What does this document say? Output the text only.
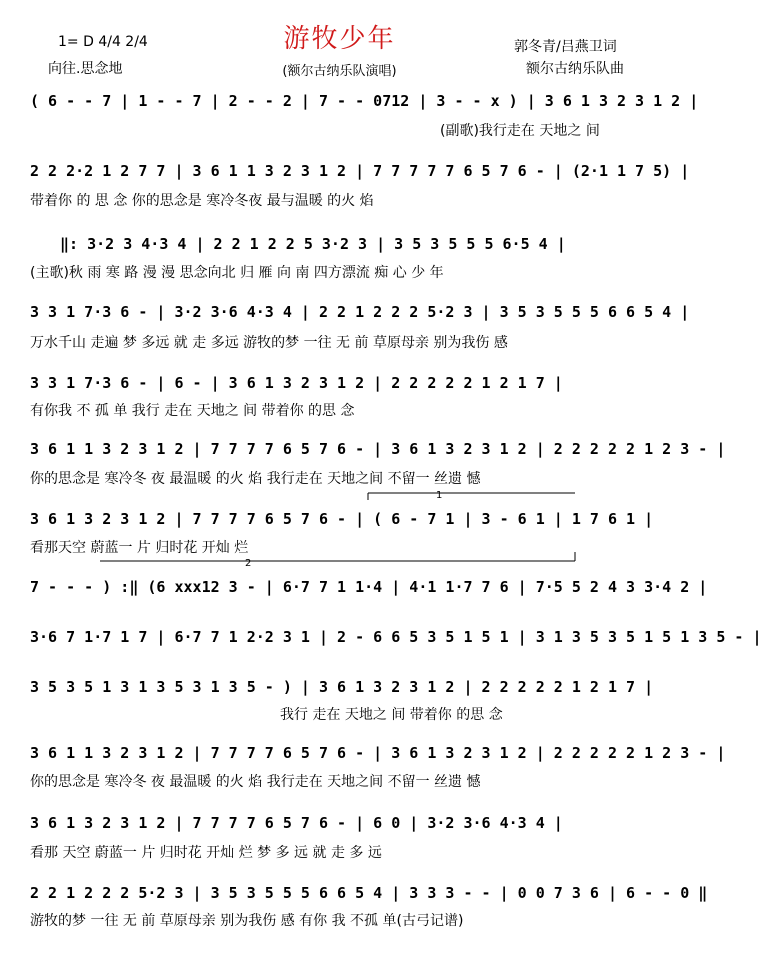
游牧少年
1= D 4/4 2/4
向往.思念地	(额尔古纳乐队演唱)
郭冬青/吕燕卫词
额尔古纳乐队曲
1
2
( 6 - - 7 | 1 - - 7 | 2 - - 2 | 7 - - 0712 | 3 - - x ) | 3 6 1 3 2 3 1 2 |
(副歌)我行走在 天地之 间
2 2 2·2 1 2 7 7 | 3 6 1 1 3 2 3 1 2 | 7 7 7 7 7 6 5 7 6 - | (2·1 1 7 5) |
带着你 的 思 念 你的思念是 寒冷冬夜 最与温暖 的火 焰
‖: 3·2 3 4·3 4 | 2 2 1 2 2 5 3·2 3 | 3 5 3 5 5 5 6·5 4 |
(主歌)秋 雨 寒 路 漫 漫 思念向北 归 雁 向 南 四方漂流 痴 心 少 年
3 3 1 7·3 6 - | 3·2 3·6 4·3 4 | 2 2 1 2 2 2 5·2 3 | 3 5 3 5 5 5 6 6 5 4 |
万水千山 走遍 梦 多远 就 走 多远 游牧的梦 一往 无 前 草原母亲 别为我伤 感
3 3 1 7·3 6 - | 6 - | 3 6 1 3 2 3 1 2 | 2 2 2 2 2 1 2 1 7 |
有你我 不 孤 单 我行 走在 天地之 间 带着你 的思 念
3 6 1 1 3 2 3 1 2 | 7 7 7 7 6 5 7 6 - | 3 6 1 3 2 3 1 2 | 2 2 2 2 2 1 2 3 - |
你的思念是 寒冷冬 夜 最温暖 的火 焰 我行走在 天地之间 不留一 丝遗 憾
3 6 1 3 2 3 1 2 | 7 7 7 7 6 5 7 6 - | ( 6 - 7 1 | 3 - 6 1 | 1 7 6 1 |
看那天空 蔚蓝一 片 归时花 开灿 烂
7 - - - ) :‖ (6 xxx12 3 - | 6·7 7 1 1·4 | 4·1 1·7 7 6 | 7·5 5 2 4 3 3·4 2 |
3·6 7 1·7 1 7 | 6·7 7 1 2·2 3 1 | 2 - 6 6 5 3 5 1 5 1 | 3 1 3 5 3 5 1 5 1 3 5 - |
3 5 3 5 1 3 1 3 5 3 1 3 5 - ) | 3 6 1 3 2 3 1 2 | 2 2 2 2 2 1 2 1 7 |
我行 走在 天地之 间 带着你 的思 念
3 6 1 1 3 2 3 1 2 | 7 7 7 7 6 5 7 6 - | 3 6 1 3 2 3 1 2 | 2 2 2 2 2 1 2 3 - |
你的思念是 寒冷冬 夜 最温暖 的火 焰 我行走在 天地之间 不留一 丝遗 憾
3 6 1 3 2 3 1 2 | 7 7 7 7 6 5 7 6 - | 6 0 | 3·2 3·6 4·3 4 |
看那 天空 蔚蓝一 片 归时花 开灿 烂 梦 多 远 就 走 多 远
2 2 1 2 2 2 5·2 3 | 3 5 3 5 5 5 6 6 5 4 | 3 3 3 - - | 0 0 7 3 6 | 6 - - 0 ‖
游牧的梦 一往 无 前 草原母亲 别为我伤 感 有你 我 不孤 单(古弓记谱)
